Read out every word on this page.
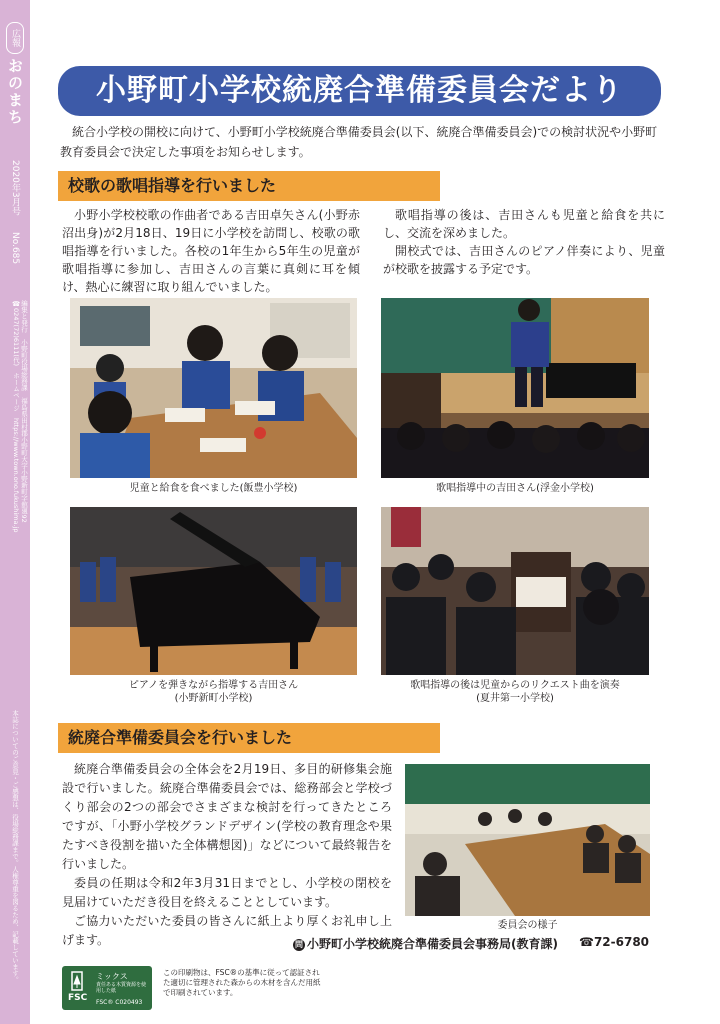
広報
おのまち
2020年3月号
No.685
編集と発行　小野町役場総務課　福島県田村郡小野町大字小野新町字舘廻92
☎0247(72)6111(代)　ホームページ　https://www.town.ono.fukushima.jp
本誌についてのご意見・ご感想は、役場総務課まで。人権尊重を図るため、記載しています。
小野町小学校統廃合準備委員会だより
統合小学校の開校に向けて、小野町小学校統廃合準備委員会(以下、統廃合準備委員会)での検討状況や小野町教育委員会で決定した事項をお知らせします。
校歌の歌唱指導を行いました

小野小学校校歌の作曲者である吉田卓矢さん(小野赤沼出身)が2月18日、19日に小学校を訪問し、校歌の歌唱指導を行いました。各校の1年生から5年生の児童が歌唱指導に参加し、吉田さんの言葉に真剣に耳を傾け、熱心に練習に取り組んでいました。

歌唱指導の後は、吉田さんも児童と給食を共にし、交流を深めました。

開校式では、吉田さんのピアノ伴奏により、児童が校歌を披露する予定です。

児童と給食を食べました(飯豊小学校)	歌唱指導中の吉田さん(浮金小学校)
ピアノを弾きながら指導する吉田さん
(小野新町小学校)
歌唱指導の後は児童からのリクエスト曲を演奏
(夏井第一小学校)
統廃合準備委員会を行いました

統廃合準備委員会の全体会を2月19日、多目的研修集会施設で行いました。統廃合準備委員会では、総務部会と学校づくり部会の2つの部会でさまざまな検討を行ってきたところですが、「小野小学校グランドデザイン(学校の教育理念や果たすべき役割を描いた全体構想図)」などについて最終報告を行いました。

委員の任期は令和2年3月31日までとし、小学校の閉校を見届けていただき役目を終えることとしています。

ご協力いただいた委員の皆さんに紙上より厚くお礼申し上げます。

委員会の様子
問 小野町小学校統廃合準備委員会事務局(教育課) ☎72-6780
FSC
ミックス
責任ある木質資源を使用した紙
FSC® C020493
この印刷物は、FSC®の基準に従って認証された適切に管理された森からの木材を含んだ用紙で印刷されています。
